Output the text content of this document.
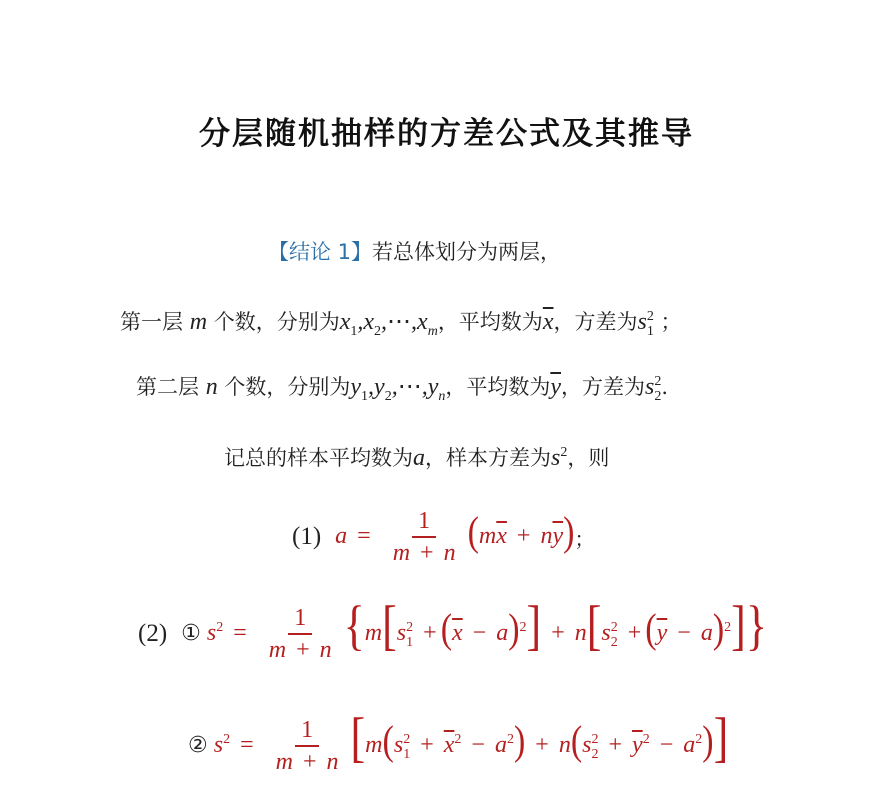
分层随机抽样的方差公式及其推导
【结论 1】若总体划分为两层，
第一层 m 个数，分别为$x_1,x_2,\cdots,x_m$，平均数为$\overline{x}$，方差为$s^2_1$ ；
第二层 n 个数，分别为$y_1,y_2,\cdots,y_n$，平均数为$\overline{y}$，方差为$s^2_2$.
记总的样本平均数为a，样本方差为$s^2$，则
(1) $a = \frac{1}{m + n} (m\overline{x} + n\overline{y})$ ；
(2) ① $s^2 = \frac{1}{m + n} \{m[s^2_1 + (\overline{x} - a)^2] + n[s^2_2 + (\overline{y} - a)^2]\}$
② $s^2 = \frac{1}{m + n} [m(s^2_1 + \overline{x}^2 - a^2) + n(s^2_2 + \overline{y}^2 - a^2)]$
